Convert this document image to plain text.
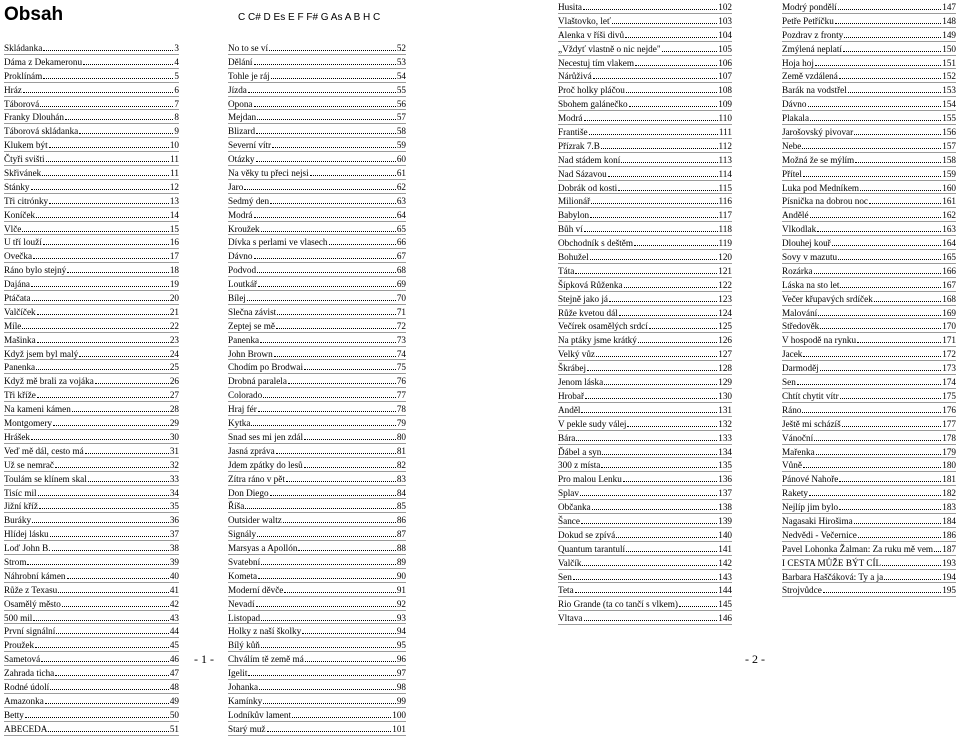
Obsah	C C# D Es E F F# G As A B H C
Skládanka	3
Dáma z Dekameronu	4
Proklínám	5
Hráz	6
Táborová	7
Franky Dlouhán	8
Táborová skládanka	9
Klukem být	10
Čtyři svišti	11
Skřivánek	11
Stánky	12
Tři citrónky	13
Koníček	14
Vlče	15
U tří louží	16
Ovečka	17
Ráno bylo stejný	18
Dajána	19
Ptáčata	20
Valčíček	21
Míle	22
Mašinka	23
Když jsem byl malý	24
Panenka	25
Když mě brali za vojáka	26
Tři kříže	27
Na kameni kámen	28
Montgomery	29
Hrášek	30
Veď mě dál, cesto má	31
Už se nemrač	32
Toulám se klínem skal	33
Tisíc mil	34
Jižní kříž	35
Buráky	36
Hlídej lásku	37
Loď John B.	38
Strom	39
Náhrobní kámen	40
Růže z Texasu	41
Osamělý město	42
500 mil	43
První signální	44
Proužek	45
Sametová	46
Zahrada ticha	47
Rodné údolí	48
Amazonka	49
Betty	50
ABECEDA	51
No to se ví	52
Dělání	53
Tohle je ráj	54
Jízda	55
Opona	56
Mejdan	57
Blizard	58
Severní vítr	59
Otázky	60
Na věky tu přeci nejsi	61
Jaro	62
Sedmý den	63
Modrá	64
Kroužek	65
Dívka s perlami ve vlasech	66
Dávno	67
Podvod	68
Loutkář	69
Bílej	70
Slečna závist	71
Zeptej se mě	72
Panenka	73
John Brown	74
Chodím po Brodwai	75
Drobná paralela	76
Colorado	77
Hraj fér	78
Kytka	79
Snad ses mi jen zdál	80
Jasná zpráva	81
Jdem zpátky do lesů	82
Zítra ráno v pět	83
Don Diego	84
Říša	85
Outsider waltz	86
Signály	87
Marsyas a Apollón	88
Svatební	89
Kometa	90
Moderní děvče	91
Nevadí	92
Listopad	93
Holky z naší školky	94
Bílý kůň	95
Chválím tě země má	96
Igelit	97
Johanka	98
Kamínky	99
Lodníkův lament	100
Starý muž	101
Husita	102
Vlaštovko, leť	103
Alenka v říši divů	104
„Vždyť vlastně o nic nejde"	105
Necestuj tím vlakem	106
Nárůživá	107
Proč holky pláčou	108
Sbohem galánečko	109
Modrá	110
Františe	111
Přízrak 7.B	112
Nad stádem koní	113
Nad Sázavou	114
Dobrák od kosti	115
Milionář	116
Babylon	117
Bůh ví	118
Obchodník s deštěm	119
Bohužel	120
Táta	121
Šípková Růženka	122
Stejně jako já	123
Růže kvetou dál	124
Večírek osamělých srdcí	125
Na ptáky jsme krátký	126
Velký vůz	127
Škrábej	128
Jenom láska	129
Hrobař	130
Anděl	131
V pekle sudy válej	132
Bára	133
Ďábel a syn	134
300 z místa	135
Pro malou Lenku	136
Splav	137
Občanka	138
Šance	139
Dokud se zpívá	140
Quantum tarantulí	141
Valčík	142
Sen	143
Teta	144
Rio Grande (ta co tančí s vlkem)	145
Vltava	146
Modrý pondělí	147
Petře Petříčku	148
Pozdrav z fronty	149
Zmýlená neplatí	150
Hoja hoj	151
Země vzdálená	152
Barák na vodstřel	153
Dávno	154
Plakala	155
Jarošovský pivovar	156
Nebe	157
Možná že se mýlím	158
Přítel	159
Luka pod Medníkem	160
Písnička na dobrou noc	161
Andělé	162
Vlkodlak	163
Dlouhej kouř	164
Sovy v mazutu	165
Rozárka	166
Láska na sto let	167
Večer křupavých srdíček	168
Malování	169
Středověk	170
V hospodě na rynku	171
Jacek	172
Darmoděj	173
Sen	174
Chtít chytit vítr	175
Ráno	176
Ještě mi scházíš	177
Vánoční	178
Mařenka	179
Vůně	180
Pánové Nahoře	181
Rakety	182
Nejlíp jim bylo	183
Nagasaki Hirošima	184
Nedvědi - Večernice	186
Pavel Lohonka Žalman: Za ruku mě vem 187
I CESTA MŮŽE BÝT CÍL	193
Barbara Haščáková: Ty a ja	194
Strojvůdce	195
- 1 -	- 2 -
